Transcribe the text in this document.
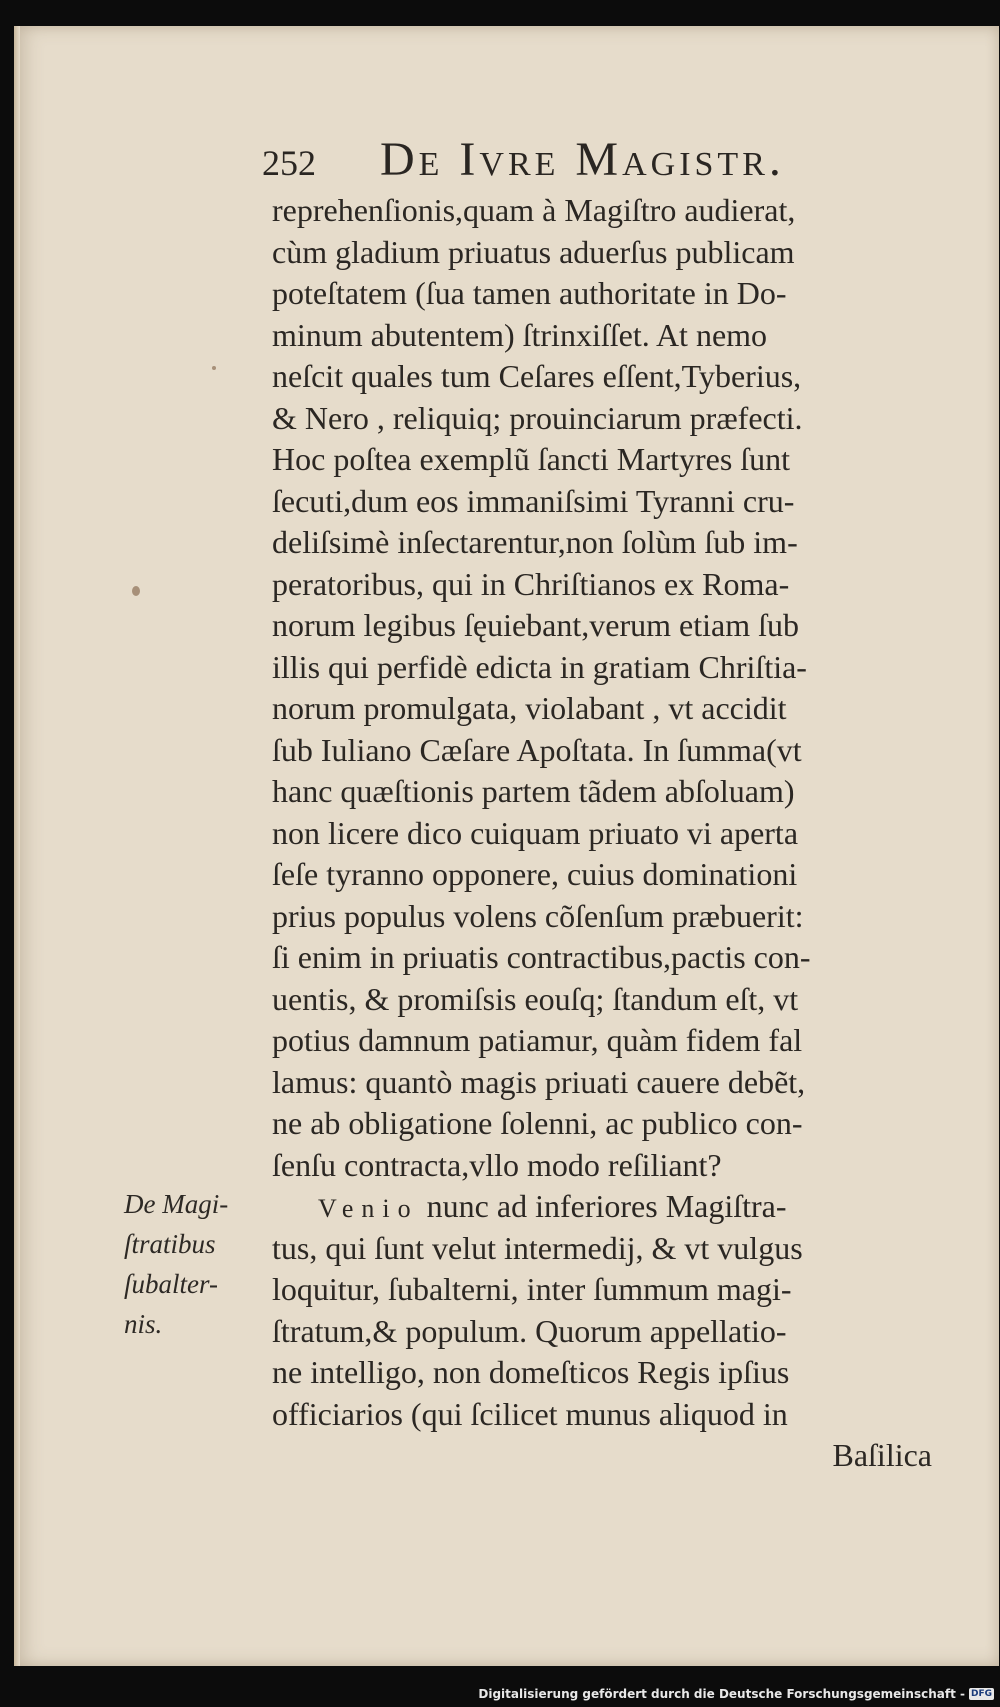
252 De Ivre Magistr.
reprehenſionis,quam à Magiſtro audierat,
cùm gladium priuatus aduerſus publicam
poteſtatem (ſua tamen authoritate in Do-
minum abutentem) ſtrinxiſſet. At nemo
neſcit quales tum Ceſares eſſent,Tyberius,
& Nero , reliquiq; prouinciarum præfecti.
Hoc poſtea exemplũ ſancti Martyres ſunt
ſecuti,dum eos immaniſsimi Tyranni cru-
deliſsimè inſectarentur,non ſolùm ſub im-
peratoribus, qui in Chriſtianos ex Roma-
norum legibus ſęuiebant,verum etiam ſub
illis qui perfidè edicta in gratiam Chriſtia-
norum promulgata, violabant , vt accidit
ſub Iuliano Cæſare Apoſtata. In ſumma(vt
hanc quæſtionis partem tãdem abſoluam)
non licere dico cuiquam priuato vi aperta
ſeſe tyranno opponere, cuius dominationi
prius populus volens cõſenſum præbuerit:
ſi enim in priuatis contractibus,pactis con-
uentis, & promiſsis eouſq; ſtandum eſt, vt
potius damnum patiamur, quàm fidem fal
lamus: quantò magis priuati cauere debẽt,
ne ab obligatione ſolenni, ac publico con-
ſenſu contracta,vllo modo reſiliant?
Venio nunc ad inferiores Magiſtra-
tus, qui ſunt velut intermedij, & vt vulgus
loquitur, ſubalterni, inter ſummum magi-
ſtratum,& populum. Quorum appellatio-
ne intelligo, non domeſticos Regis ipſius
officiarios (qui ſcilicet munus aliquod in
Baſilica
De Magi-
ſtratibus
ſubalter-
nis.
Digitalisierung gefördert durch die Deutsche Forschungsgemeinschaft - DFG
